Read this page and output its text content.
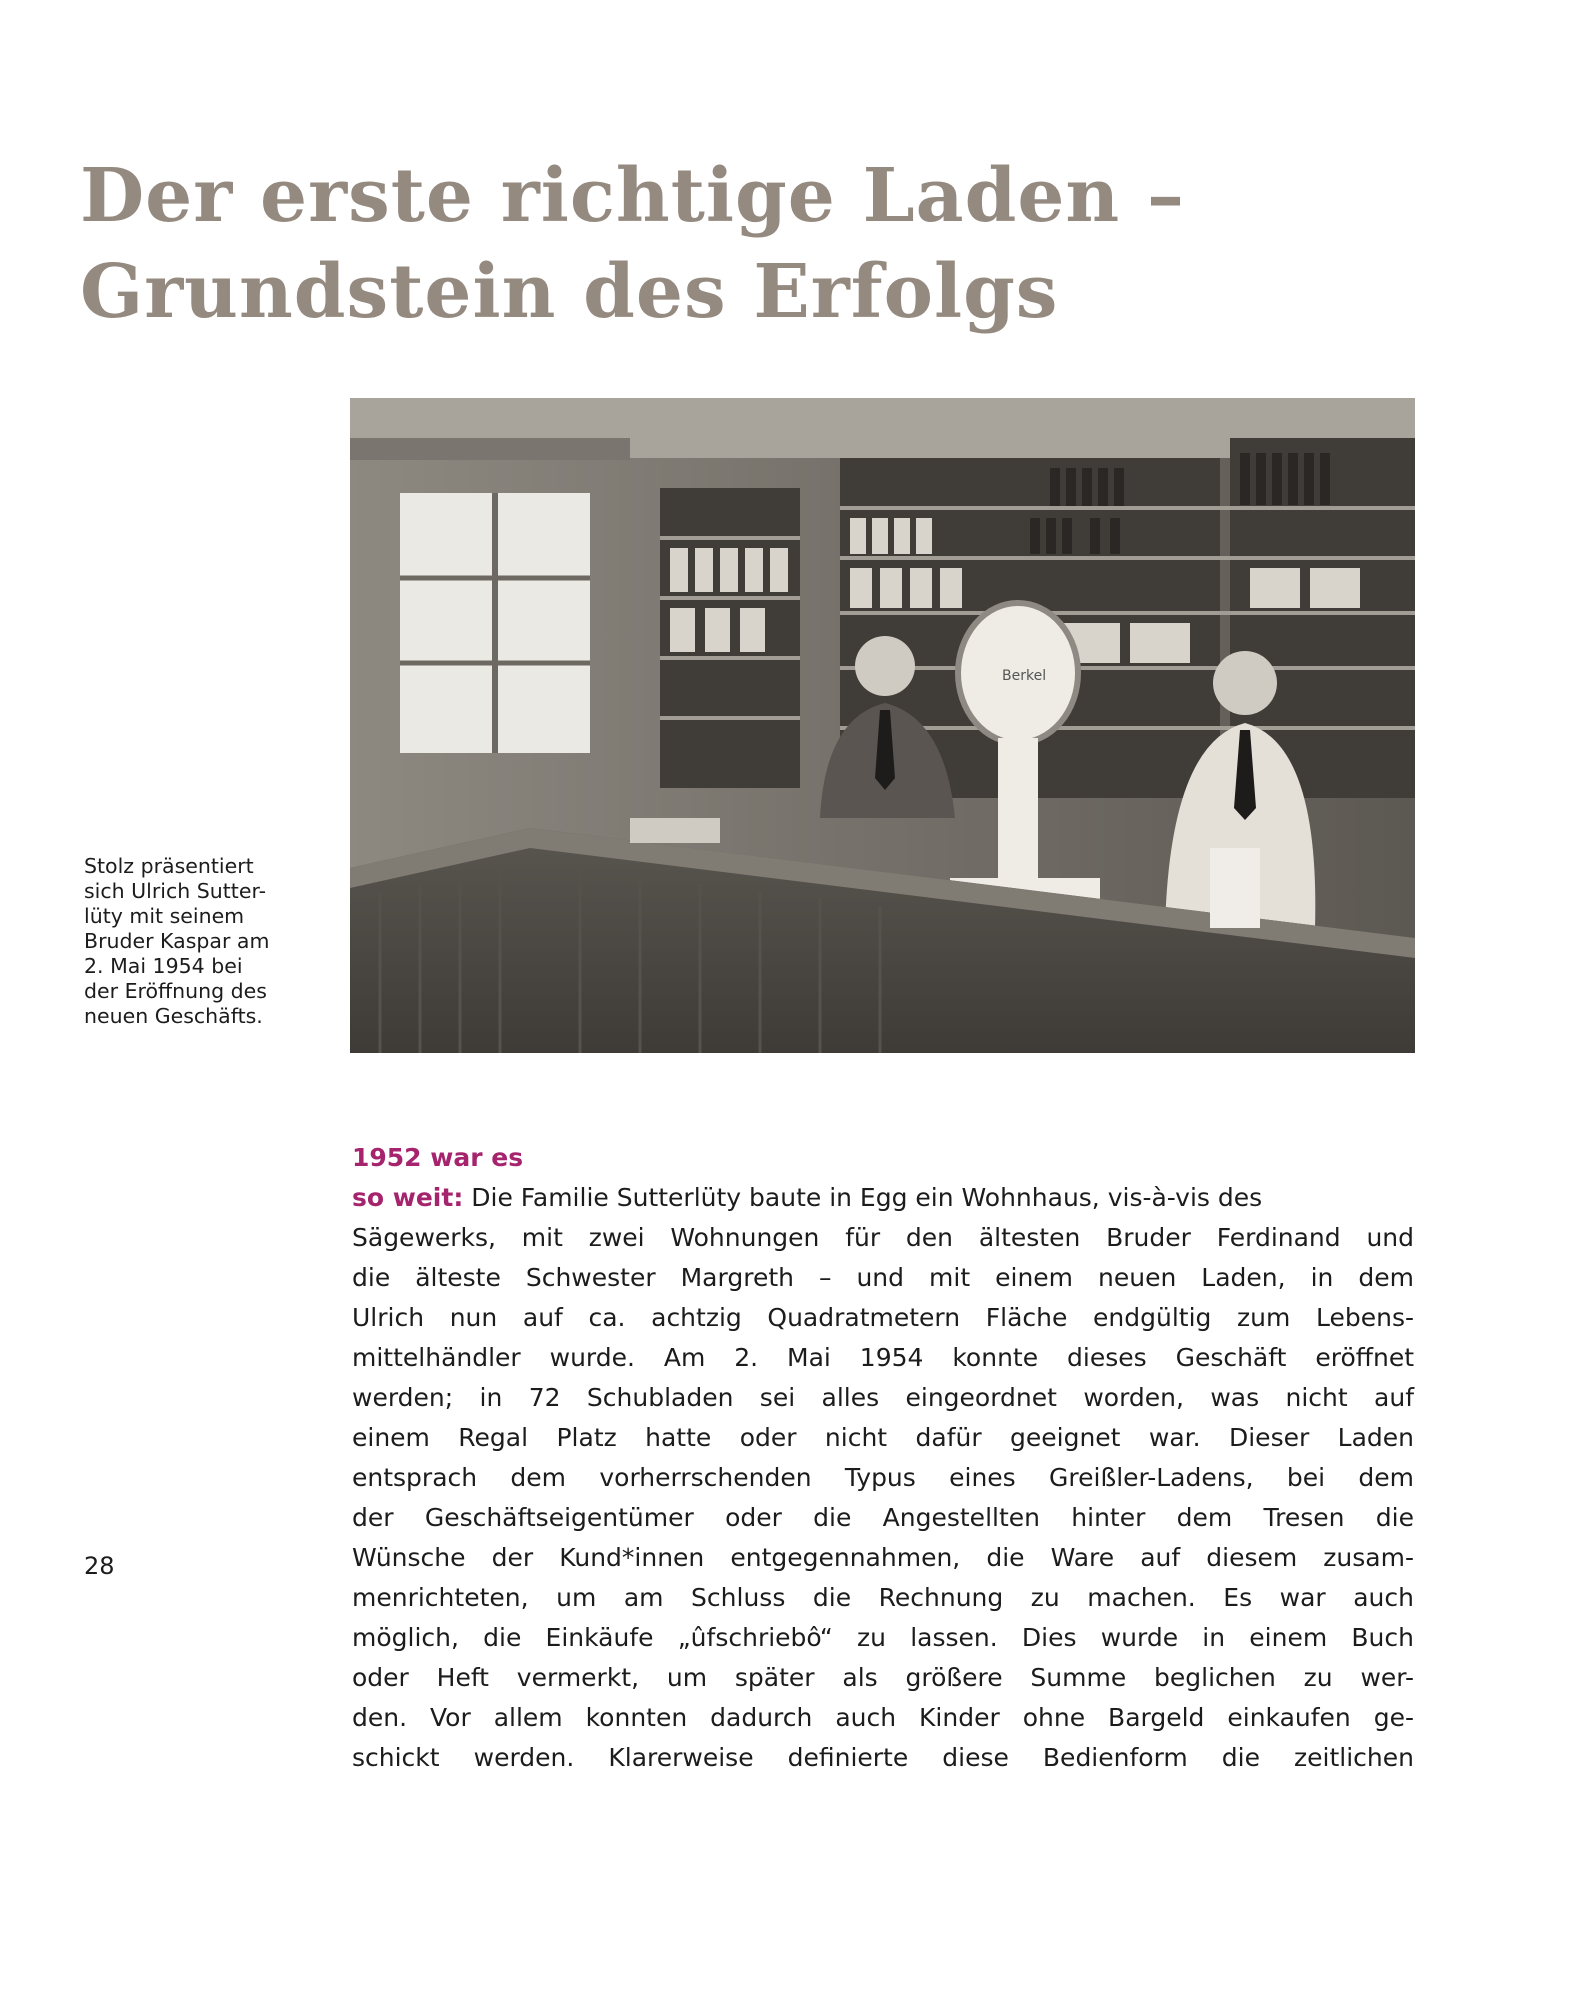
Der erste richtige Laden –
Grundstein des Erfolgs
Berkel
Stolz präsentiert
sich Ulrich Sutter-
lüty mit seinem
Bruder Kaspar am
2. Mai 1954 bei
der Eröffnung des
neuen Geschäfts.
28
1952 war es
so weit: Die Familie Sutterlüty baute in Egg ein Wohnhaus, vis-à-vis des
Sägewerks, mit zwei Wohnungen für den ältesten Bruder Ferdinand und
die älteste Schwester Margreth – und mit einem neuen Laden, in dem
Ulrich nun auf ca. achtzig Quadratmetern Fläche endgültig zum Lebens-
mittelhändler wurde. Am 2. Mai 1954 konnte dieses Geschäft eröffnet
werden; in 72 Schubladen sei alles eingeordnet worden, was nicht auf
einem Regal Platz hatte oder nicht dafür geeignet war. Dieser Laden
entsprach dem vorherrschenden Typus eines Greißler-Ladens, bei dem
der Geschäftseigentümer oder die Angestellten hinter dem Tresen die
Wünsche der Kund*innen entgegennahmen, die Ware auf diesem zusam-
menrichteten, um am Schluss die Rechnung zu machen. Es war auch
möglich, die Einkäufe „ûfschriebô“ zu lassen. Dies wurde in einem Buch
oder Heft vermerkt, um später als größere Summe beglichen zu wer-
den. Vor allem konnten dadurch auch Kinder ohne Bargeld einkaufen ge-
schickt werden. Klarerweise definierte diese Bedienform die zeitlichen
